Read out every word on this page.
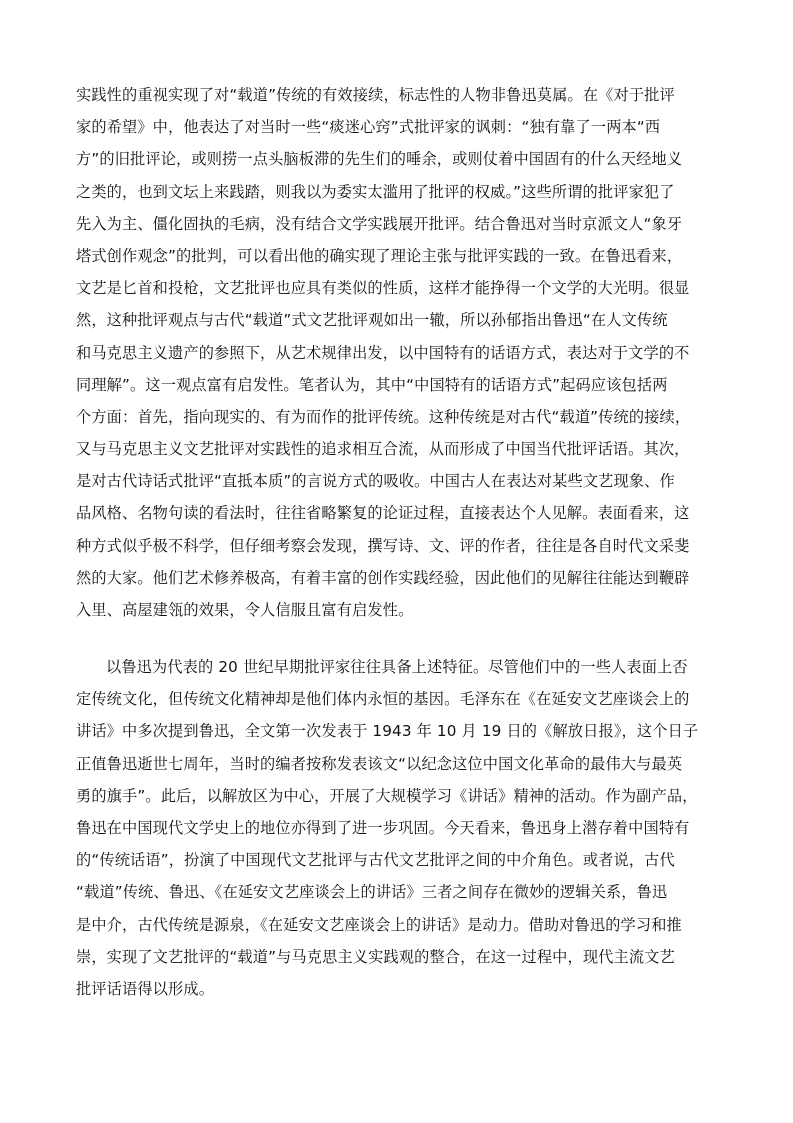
实践性的重视实现了对“载道”传统的有效接续，标志性的人物非鲁迅莫属。在《对于批评
家的希望》中，他表达了对当时一些“痰迷心窍”式批评家的讽刺：“独有靠了一两本“西
方”的旧批评论，或则捞一点头脑板滞的先生们的唾余，或则仗着中国固有的什么天经地义
之类的，也到文坛上来践踏，则我以为委实太滥用了批评的权威。”这些所谓的批评家犯了
先入为主、僵化固执的毛病，没有结合文学实践展开批评。结合鲁迅对当时京派文人“象牙
塔式创作观念”的批判，可以看出他的确实现了理论主张与批评实践的一致。在鲁迅看来，
文艺是匕首和投枪，文艺批评也应具有类似的性质，这样才能挣得一个文学的大光明。很显
然，这种批评观点与古代“载道”式文艺批评观如出一辙，所以孙郁指出鲁迅“在人文传统
和马克思主义遗产的参照下，从艺术规律出发，以中国特有的话语方式，表达对于文学的不
同理解”。这一观点富有启发性。笔者认为，其中“中国特有的话语方式”起码应该包括两
个方面：首先，指向现实的、有为而作的批评传统。这种传统是对古代“载道”传统的接续，
又与马克思主义文艺批评对实践性的追求相互合流，从而形成了中国当代批评话语。其次，
是对古代诗话式批评“直抵本质”的言说方式的吸收。中国古人在表达对某些文艺现象、作
品风格、名物句读的看法时，往往省略繁复的论证过程，直接表达个人见解。表面看来，这
种方式似乎极不科学，但仔细考察会发现，撰写诗、文、评的作者，往往是各自时代文采斐
然的大家。他们艺术修养极高，有着丰富的创作实践经验，因此他们的见解往往能达到鞭辟
入里、高屋建瓴的效果，令人信服且富有启发性。
以鲁迅为代表的 20 世纪早期批评家往往具备上述特征。尽管他们中的一些人表面上否
定传统文化，但传统文化精神却是他们体内永恒的基因。毛泽东在《在延安文艺座谈会上的
讲话》中多次提到鲁迅，全文第一次发表于 1943 年 10 月 19 日的《解放日报》，这个日子
正值鲁迅逝世七周年，当时的编者按称发表该文“以纪念这位中国文化革命的最伟大与最英
勇的旗手”。此后，以解放区为中心，开展了大规模学习《讲话》精神的活动。作为副产品，
鲁迅在中国现代文学史上的地位亦得到了进一步巩固。今天看来，鲁迅身上潜存着中国特有
的“传统话语”，扮演了中国现代文艺批评与古代文艺批评之间的中介角色。或者说，古代
“载道”传统、鲁迅、《在延安文艺座谈会上的讲话》三者之间存在微妙的逻辑关系，鲁迅
是中介，古代传统是源泉，《在延安文艺座谈会上的讲话》是动力。借助对鲁迅的学习和推
崇，实现了文艺批评的“载道”与马克思主义实践观的整合，在这一过程中，现代主流文艺
批评话语得以形成。
